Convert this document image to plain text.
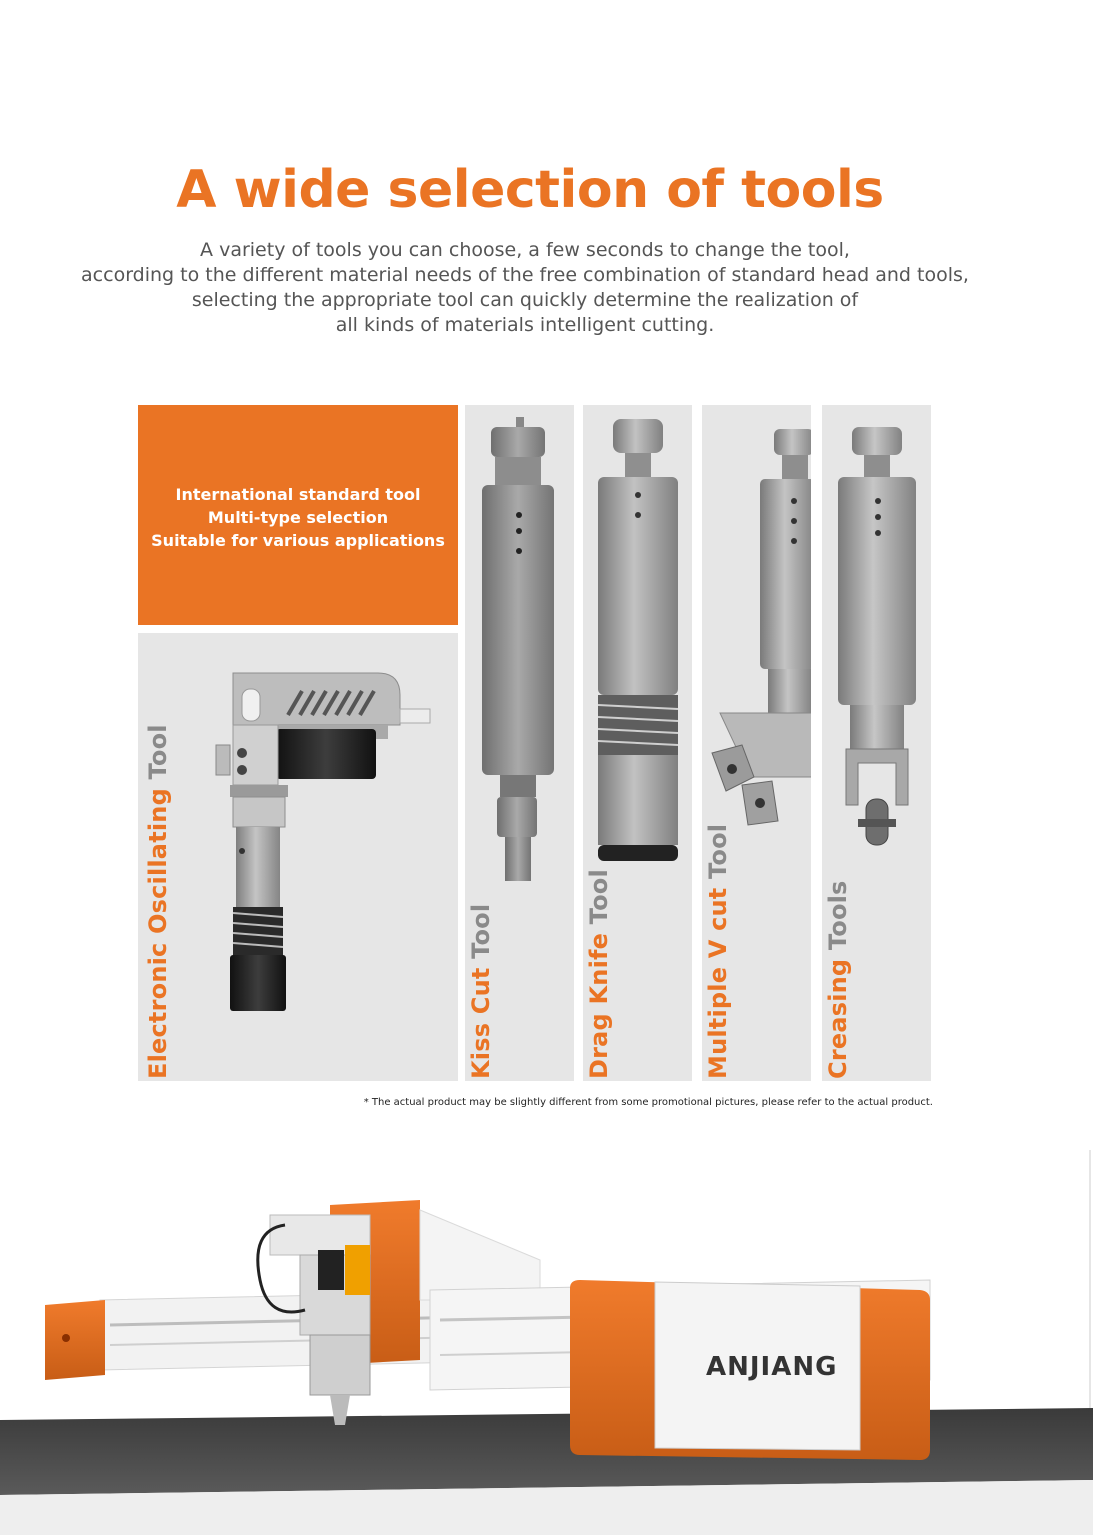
A wide selection of tools
A variety of tools you can choose, a few seconds to change the tool,
according to the different material needs of the free combination of standard head and tools,
selecting the appropriate tool can quickly determine the realization of
all kinds of materials intelligent cutting.
International standard tool
Multi-type selection
Suitable for various applications
Electronic Oscillating Tool
Kiss Cut Tool	Drag Knife Tool	Multiple V cut Tool
Creasing Tools
* The actual product may be slightly different from some promotional pictures, please refer to the actual product.
ANJIANG
